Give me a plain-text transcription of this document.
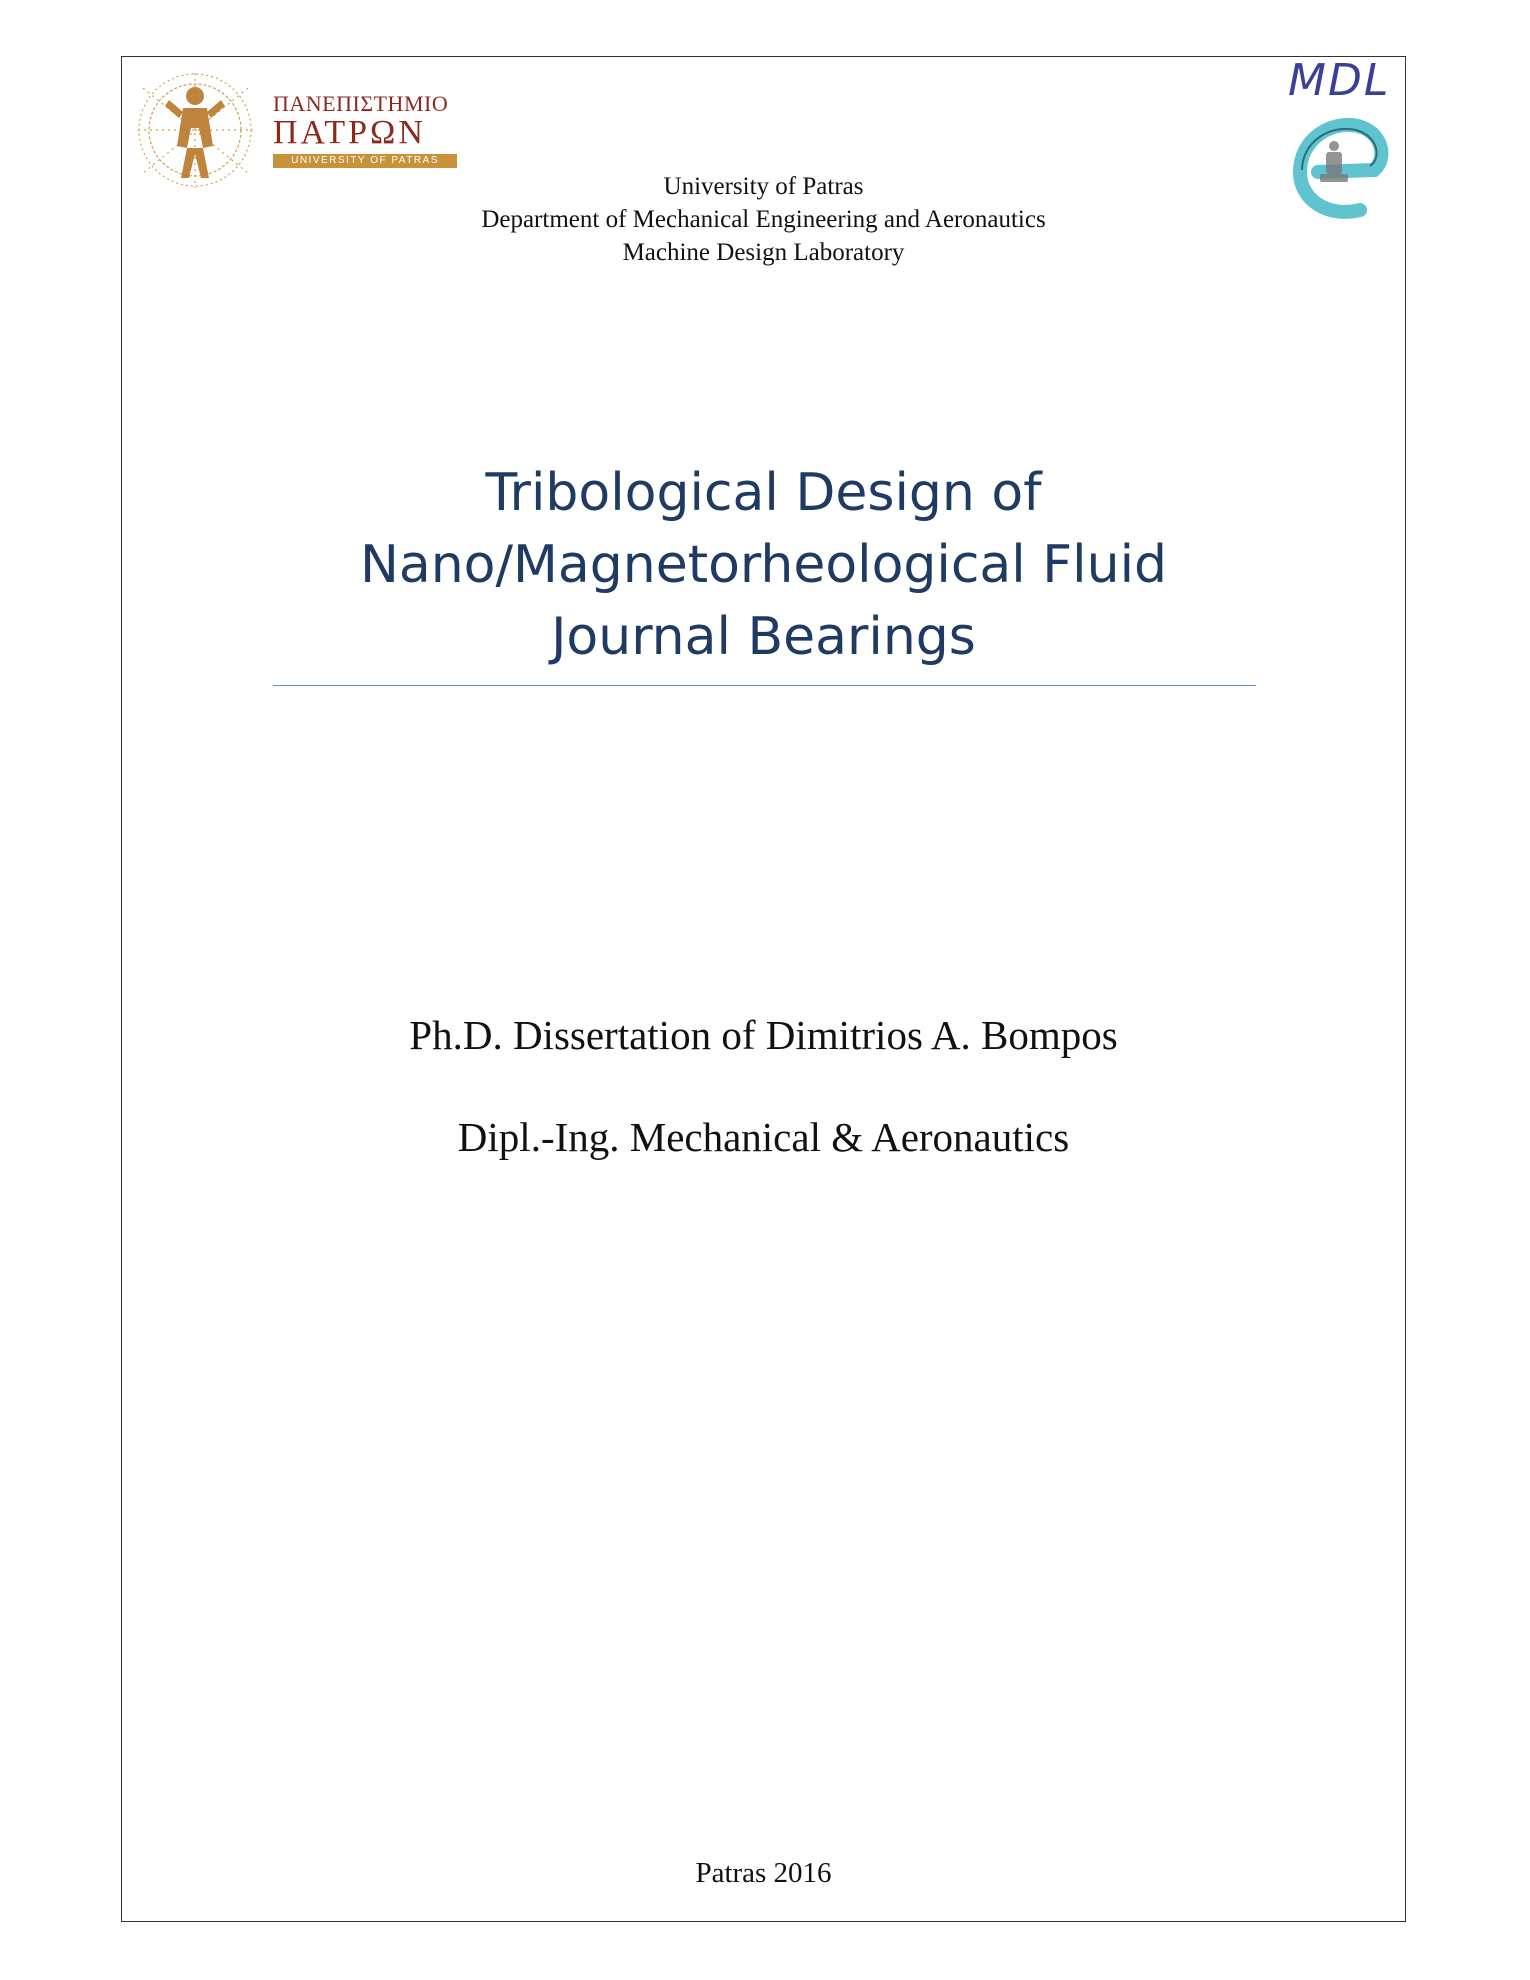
ΠΑΝΕΠΙΣΤΗΜΙΟ
ΠΑΤΡΩΝ
UNIVERSITY OF PATRAS
MDL
University of Patras
Department of Mechanical Engineering and Aeronautics
Machine Design Laboratory
Tribological Design of
Nano/Magnetorheological Fluid
Journal Bearings
Ph.D. Dissertation of Dimitrios A. Bompos
Dipl.-Ing. Mechanical & Aeronautics
Patras 2016
